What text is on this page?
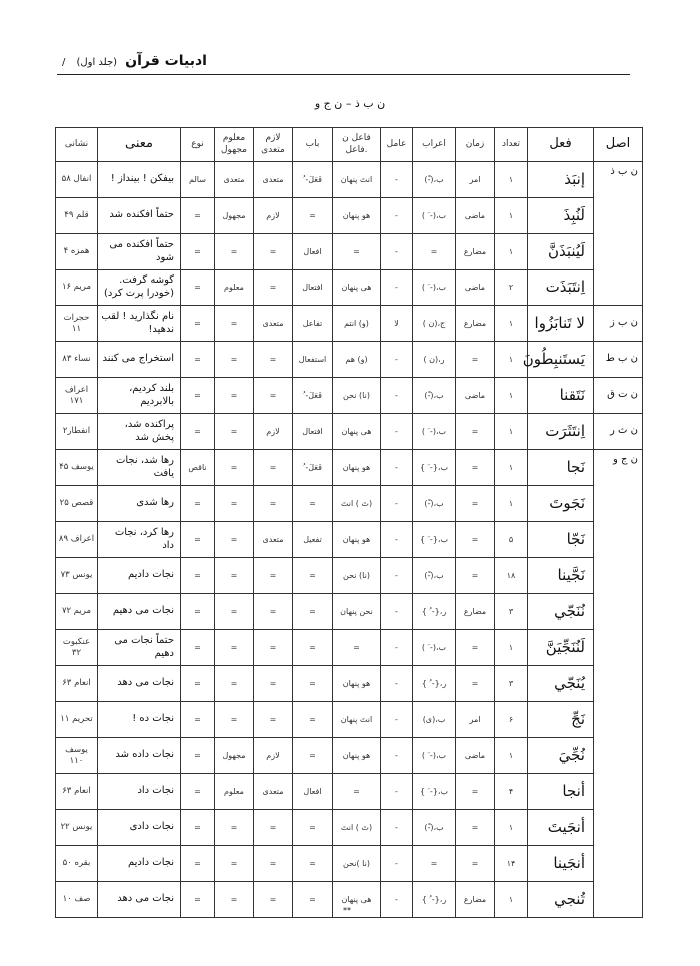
ادبیات قرآن (جلد اول) /
ن ب ذ – ن ج و
اصل	فعل	تعداد	زمان	اعراب	عامل	فاعل ن .فاعل	باب	لازم متعدی	معلوم مجهول	نوع	معنی	نشانی
ن ب ذ	إنبَذ	۱	امر	ب،(-ْ)	-	انتَ پنهان	فَعَلَ- ُ	متعدی	متعدی	سالم	بیفکن ! بینداز !	انفال ۵۸
	لَنُبِذَ	۱	ماضی	ب،(- َ )	-	هو پنهان	=	لازم	مجهول	=	حتماً افکنده شد	قلم ۴۹
	لَيُنبَذَنَّ	۱	مضارع	=	-	=	افعال	=	=	=	حتماً افکنده می شود	همزه ۴
	اِنتَبَذَت	۲	ماضی	ب،(- َ )	-	هی پنهان	افتعال	=	معلوم	=	گوشه گرفت. (خودرا پرت کرد)	مریم ۱۶
ن ب ز	لا تَنابَزُوا	۱	مضارع	ج،(ن )	لا	(و) انتم	تفاعل	متعدی	=	=	نام نگذارید ! لقب ندهید!	حجرات ۱۱
ن ب ط	يَستَنبِطُونَ	۱	=	ر،(ن )	-	(و) هم	استفعال	=	=	=	استخراج می کنند	نساء ۸۳
ن ت ق	نَتَقنا	۱	ماضی	ب،(-ْ)	-	(نا) نحن	فَعَلَ- ُ	=	=	=	بلند کردیم، بالابردیم	اعراف ۱۷۱
ن ث ر	اِنتَثَرَت	۱	=	ب،(- َ )	-	هی پنهان	افتعال	لازم	=	=	پراکنده شد، پخش شد	انفطار۲
ن ج و	نَجا	۱	=	ب،{- َ }	-	هو پنهان	فَعَلَ- ُ	=	=	ناقص	رها شد، نجات یافت	یوسف ۴۵
	نَجَوتَ	۱	=	ب،(-ْ)	-	(تَ ) انتَ	=	=	=	=	رها شدی	قصص ۲۵
	نَجّا	۵	=	ب،{- َ }	-	هو پنهان	تفعیل	متعدی	=	=	رها کرد، نجات داد	اعراف ۸۹
	نَجَّينا	۱۸	=	ب،(-ْ)	-	(نا) نحن	=	=	=	=	نجات دادیم	یونس ۷۳
	نُنَجّي	۳	مضارع	ر،{- ُ }	-	نحن پنهان	=	=	=	=	نجات می دهیم	مریم ۷۲
	لَنُنَجِّيَنَّ	۱	=	ب،(- َ )	-	=	=	=	=	=	حتماً نجات می دهیم	عنکبوت ۳۲
	يُنَجّي	۳	=	ر،{- ُ }	-	هو پنهان	=	=	=	=	نجات می دهد	انعام ۶۳
	نَجِّ	۶	امر	ب،(ی)	-	انتَ پنهان	=	=	=	=	نجات ده !	تحریم ۱۱
	نُجِّيَ	۱	ماضی	ب،(- َ )	-	هو پنهان	=	لازم	مجهول	=	نجات داده شد	یوسف ۱۱۰
	أنجا	۴	=	ب،{- َ }	-	=	افعال	متعدی	معلوم	=	نجات داد	انعام ۶۳
	أنجَيتَ	۱	=	ب،(-ْ)	-	(تَ ) انتَ	=	=	=	=	نجات دادی	یونس ۲۲
	أنجَينا	۱۴	=	=	-	(نا )نحن	=	=	=	=	نجات دادیم	بقره ۵۰
	تُنجي	۱	مضارع	ر،{- ُ }	-	هی پنهان	=	=	=	=	نجات می دهد	صف ۱۰
**
